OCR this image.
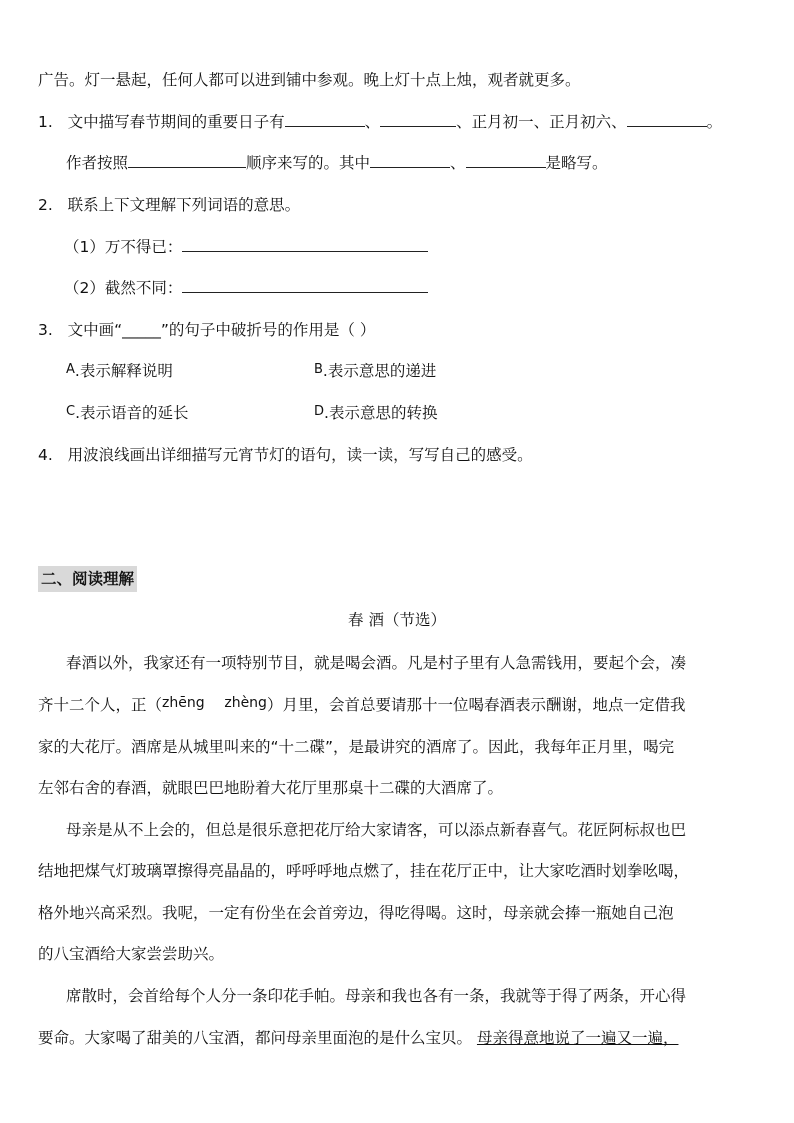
广告。灯一悬起，任何人都可以进到铺中参观。晚上灯十点上烛，观者就更多。
1. 文中描写春节期间的重要日子有	、	、正月初一、正月初六、	。
作者按照	顺序来写的。其中	、	是略写。
2. 联系上下文理解下列词语的意思。
（1）万不得已：
（2）截然不同：
3. 文中画“_____”的句子中破折号的作用是（ ）
A.表示解释说明	B.表示意思的递进
C.表示语音的延长	D.表示意思的转换
4. 用波浪线画出详细描写元宵节灯的语句，读一读，写写自己的感受。
二、阅读理解
春 酒（节选）
春酒以外，我家还有一项特别节目，就是喝会酒。凡是村子里有人急需钱用，要起个会，凑
齐十二个人，正（zhēng zhèng）月里，会首总要请那十一位喝春酒表示酬谢，地点一定借我
家的大花厅。酒席是从城里叫来的“十二碟”，是最讲究的酒席了。因此，我每年正月里，喝完
左邻右舍的春酒，就眼巴巴地盼着大花厅里那桌十二碟的大酒席了。
母亲是从不上会的，但总是很乐意把花厅给大家请客，可以添点新春喜气。花匠阿标叔也巴
结地把煤气灯玻璃罩擦得亮晶晶的，呼呼呼地点燃了，挂在花厅正中，让大家吃酒时划拳吆喝，
格外地兴高采烈。我呢，一定有份坐在会首旁边，得吃得喝。这时，母亲就会捧一瓶她自己泡
的八宝酒给大家尝尝助兴。
席散时，会首给每个人分一条印花手帕。母亲和我也各有一条，我就等于得了两条，开心得
要命。大家喝了甜美的八宝酒，都问母亲里面泡的是什么宝贝。 母亲得意地说了一遍又一遍，
